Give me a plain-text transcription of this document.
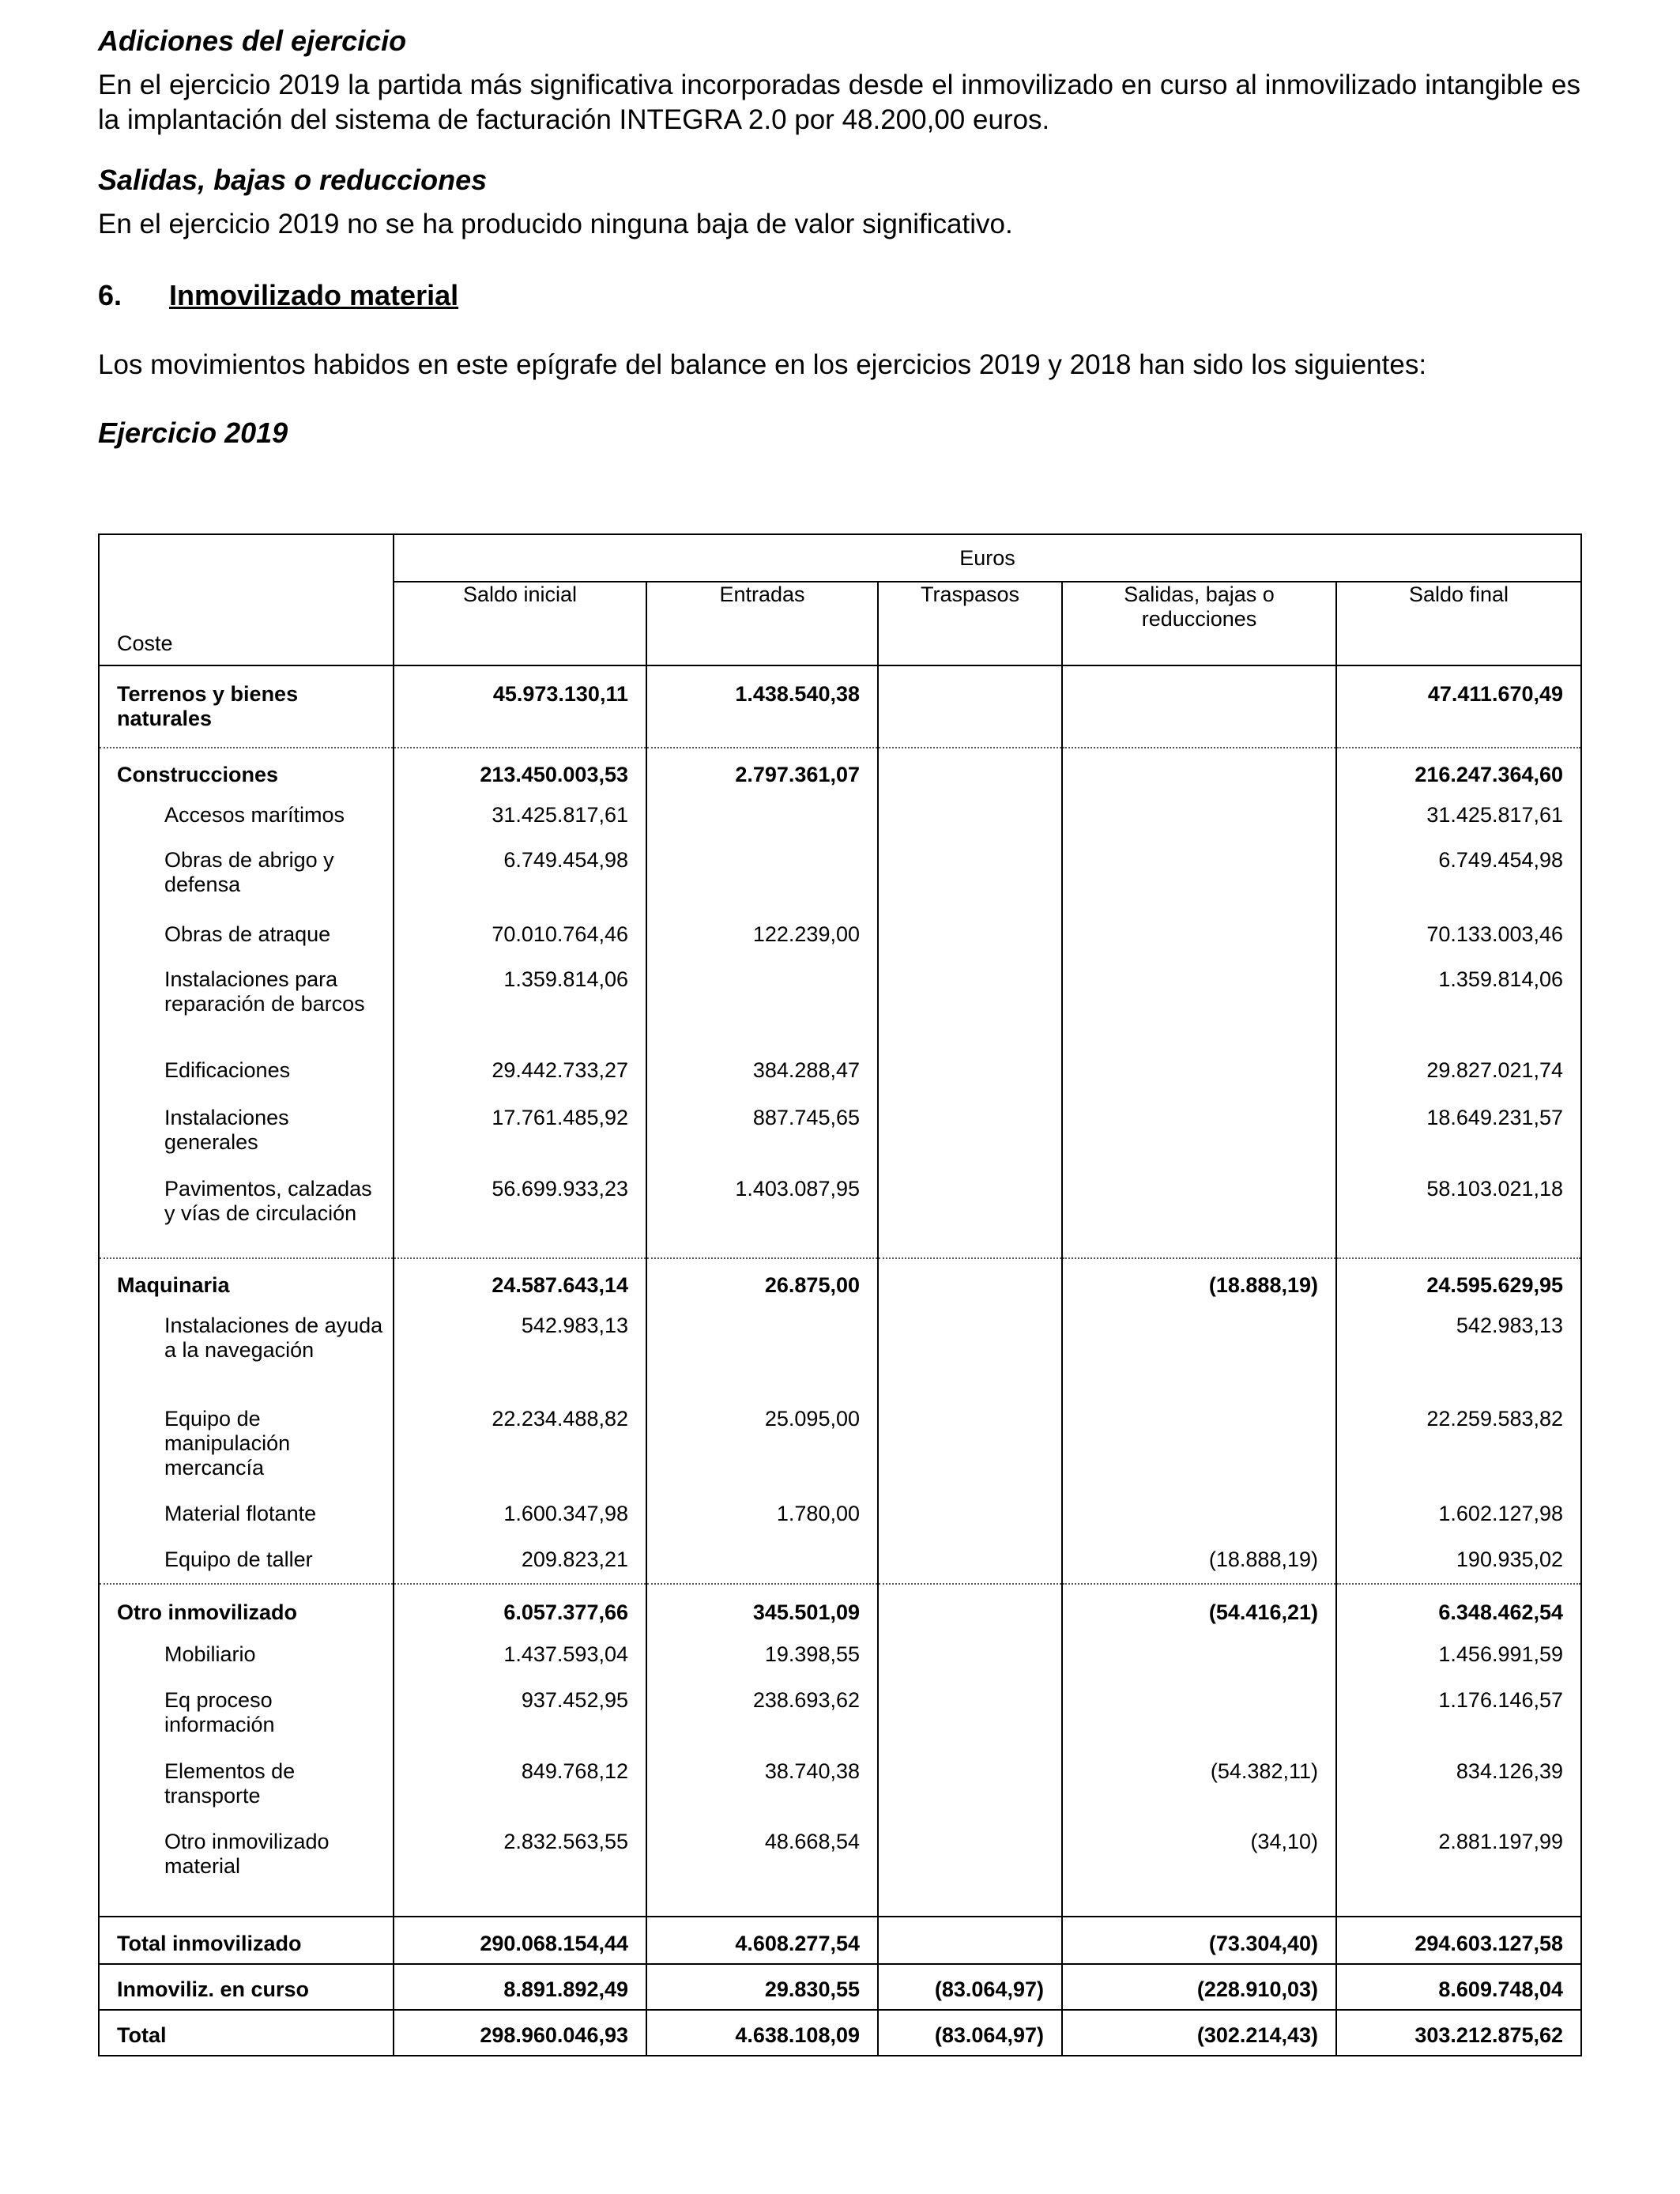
Adiciones del ejercicio

En el ejercicio 2019 la partida más significativa incorporadas desde el inmovilizado en curso al inmovilizado intangible es la implantación del sistema de facturación INTEGRA 2.0 por 48.200,00 euros.

Salidas, bajas o reducciones

En el ejercicio 2019 no se ha producido ninguna baja de valor significativo.

6. Inmovilizado material

Los movimientos habidos en este epígrafe del balance en los ejercicios 2019 y 2018 han sido los siguientes:

Ejercicio 2019

Coste	Euros				
	Saldo inicial	Entradas	Traspasos	Salidas, bajas o reducciones	Saldo final
Terrenos y bienes naturales	45.973.130,11	1.438.540,38			47.411.670,49
Construcciones	213.450.003,53	2.797.361,07			216.247.364,60
Accesos marítimos	31.425.817,61				31.425.817,61
Obras de abrigo y defensa	6.749.454,98				6.749.454,98
Obras de atraque	70.010.764,46	122.239,00			70.133.003,46
Instalaciones para reparación de barcos	1.359.814,06				1.359.814,06
Edificaciones	29.442.733,27	384.288,47			29.827.021,74
Instalaciones generales	17.761.485,92	887.745,65			18.649.231,57
Pavimentos, calzadas y vías de circulación	56.699.933,23	1.403.087,95			58.103.021,18
Maquinaria	24.587.643,14	26.875,00		(18.888,19)	24.595.629,95
Instalaciones de ayuda a la navegación	542.983,13				542.983,13
Equipo de manipulación mercancía	22.234.488,82	25.095,00			22.259.583,82
Material flotante	1.600.347,98	1.780,00			1.602.127,98
Equipo de taller	209.823,21			(18.888,19)	190.935,02
Otro inmovilizado	6.057.377,66	345.501,09		(54.416,21)	6.348.462,54
Mobiliario	1.437.593,04	19.398,55			1.456.991,59
Eq proceso información	937.452,95	238.693,62			1.176.146,57
Elementos de transporte	849.768,12	38.740,38		(54.382,11)	834.126,39
Otro inmovilizado material	2.832.563,55	48.668,54		(34,10)	2.881.197,99
Total inmovilizado	290.068.154,44	4.608.277,54		(73.304,40)	294.603.127,58
Inmoviliz. en curso	8.891.892,49	29.830,55	(83.064,97)	(228.910,03)	8.609.748,04
Total	298.960.046,93	4.638.108,09	(83.064,97)	(302.214,43)	303.212.875,62
